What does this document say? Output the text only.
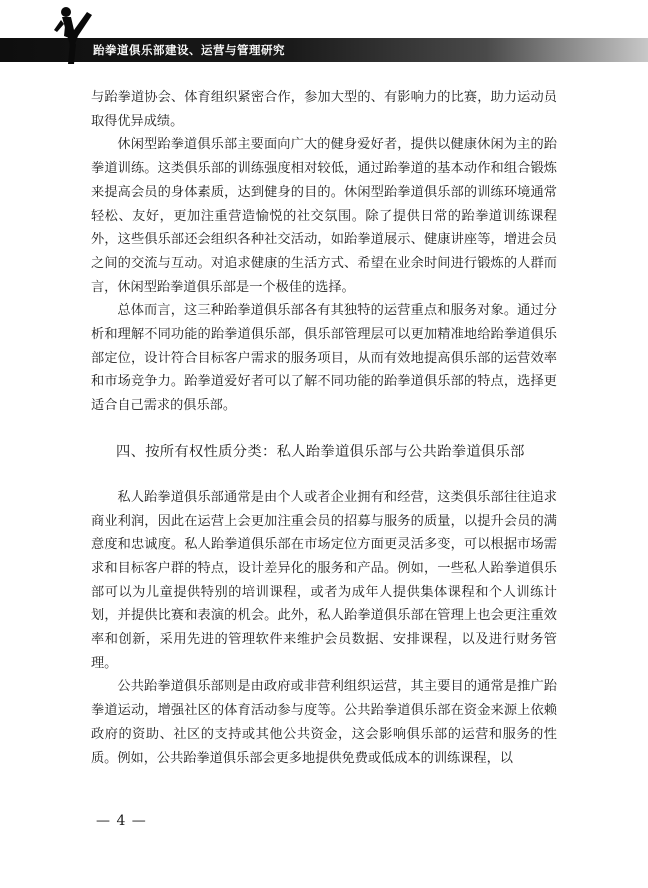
跆拳道俱乐部建设、运营与管理研究

与跆拳道协会、体育组织紧密合作，参加大型的、有影响力的比赛，助力运动员取得优异成绩。

休闲型跆拳道俱乐部主要面向广大的健身爱好者，提供以健康休闲为主的跆拳道训练。这类俱乐部的训练强度相对较低，通过跆拳道的基本动作和组合锻炼来提高会员的身体素质，达到健身的目的。休闲型跆拳道俱乐部的训练环境通常轻松、友好，更加注重营造愉悦的社交氛围。除了提供日常的跆拳道训练课程外，这些俱乐部还会组织各种社交活动，如跆拳道展示、健康讲座等，增进会员之间的交流与互动。对追求健康的生活方式、希望在业余时间进行锻炼的人群而言，休闲型跆拳道俱乐部是一个极佳的选择。

总体而言，这三种跆拳道俱乐部各有其独特的运营重点和服务对象。通过分析和理解不同功能的跆拳道俱乐部，俱乐部管理层可以更加精准地给跆拳道俱乐部定位，设计符合目标客户需求的服务项目，从而有效地提高俱乐部的运营效率和市场竞争力。跆拳道爱好者可以了解不同功能的跆拳道俱乐部的特点，选择更适合自己需求的俱乐部。

四、按所有权性质分类：私人跆拳道俱乐部与公共跆拳道俱乐部

私人跆拳道俱乐部通常是由个人或者企业拥有和经营，这类俱乐部往往追求商业利润，因此在运营上会更加注重会员的招募与服务的质量，以提升会员的满意度和忠诚度。私人跆拳道俱乐部在市场定位方面更灵活多变，可以根据市场需求和目标客户群的特点，设计差异化的服务和产品。例如，一些私人跆拳道俱乐部可以为儿童提供特别的培训课程，或者为成年人提供集体课程和个人训练计划，并提供比赛和表演的机会。此外，私人跆拳道俱乐部在管理上也会更注重效率和创新，采用先进的管理软件来维护会员数据、安排课程，以及进行财务管理。

公共跆拳道俱乐部则是由政府或非营利组织运营，其主要目的通常是推广跆拳道运动，增强社区的体育活动参与度等。公共跆拳道俱乐部在资金来源上依赖政府的资助、社区的支持或其他公共资金，这会影响俱乐部的运营和服务的性质。例如，公共跆拳道俱乐部会更多地提供免费或低成本的训练课程，以

— 4 —
